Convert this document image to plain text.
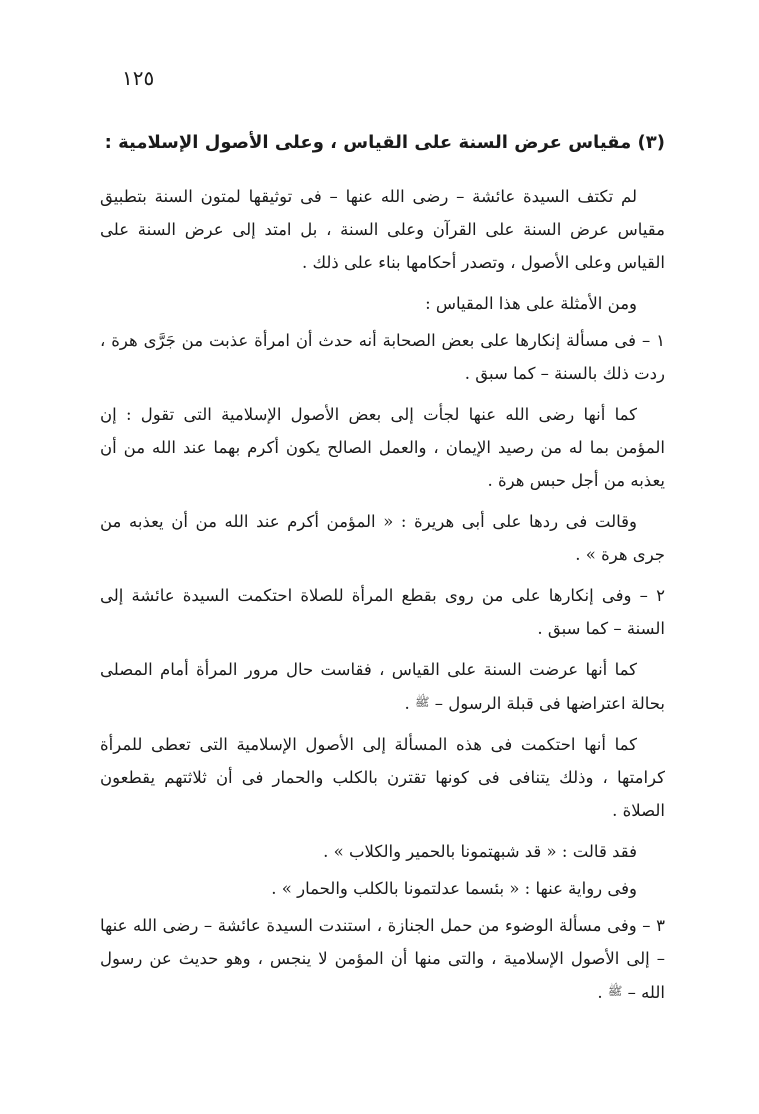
١٢٥
(٣) مقياس عرض السنة على القياس ، وعلى الأصول الإسلامية :

لم تكتف السيدة عائشة – رضى الله عنها – فى توثيقها لمتون السنة بتطبيق مقياس عرض السنة على القرآن وعلى السنة ، بل امتد إلى عرض السنة على القياس وعلى الأصول ، وتصدر أحكامها بناء على ذلك .

ومن الأمثلة على هذا المقياس :

١ – فى مسألة إنكارها على بعض الصحابة أنه حدث أن امرأة عذبت من جَرَّى هرة ، ردت ذلك بالسنة – كما سبق .

كما أنها رضى الله عنها لجأت إلى بعض الأصول الإسلامية التى تقول : إن المؤمن بما له من رصيد الإيمان ، والعمل الصالح يكون أكرم بهما عند الله من أن يعذبه من أجل حبس هرة .

وقالت فى ردها على أبى هريرة : « المؤمن أكرم عند الله من أن يعذبه من جرى هرة » .

٢ – وفى إنكارها على من روى بقطع المرأة للصلاة احتكمت السيدة عائشة إلى السنة – كما سبق .

كما أنها عرضت السنة على القياس ، فقاست حال مرور المرأة أمام المصلى بحالة اعتراضها فى قبلة الرسول – ﷺ .

كما أنها احتكمت فى هذه المسألة إلى الأصول الإسلامية التى تعطى للمرأة كرامتها ، وذلك يتنافى فى كونها تقترن بالكلب والحمار فى أن ثلاثتهم يقطعون الصلاة .

فقد قالت : « قد شبهتمونا بالحمير والكلاب » .

وفى رواية عنها : « بئسما عدلتمونا بالكلب والحمار » .

٣ – وفى مسألة الوضوء من حمل الجنازة ، استندت السيدة عائشة – رضى الله عنها – إلى الأصول الإسلامية ، والتى منها أن المؤمن لا ينجس ، وهو حديث عن رسول الله – ﷺ .
